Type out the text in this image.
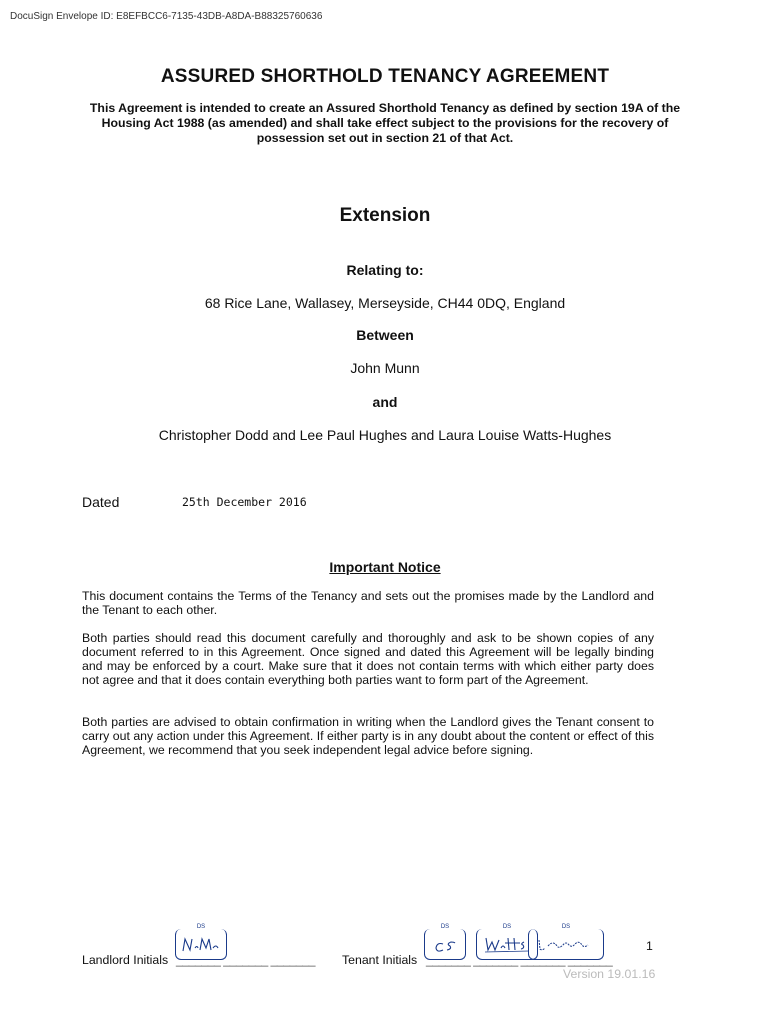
DocuSign Envelope ID: E8EFBCC6-7135-43DB-A8DA-B88325760636
ASSURED SHORTHOLD TENANCY AGREEMENT
This Agreement is intended to create an Assured Shorthold Tenancy as defined by section 19A of the Housing Act 1988 (as amended) and shall take effect subject to the provisions for the recovery of possession set out in section 21 of that Act.
Extension
Relating to:
68 Rice Lane, Wallasey, Merseyside, CH44 0DQ, England
Between
John Munn
and
Christopher Dodd and Lee Paul Hughes and Laura Louise Watts-Hughes
Dated	25th December 2016
Important Notice
This document contains the Terms of the Tenancy and sets out the promises made by the Landlord and the Tenant to each other.
Both parties should read this document carefully and thoroughly and ask to be shown copies of any document referred to in this Agreement. Once signed and dated this Agreement will be legally binding and may be enforced by a court. Make sure that it does not contain terms with which either party does not agree and that it does contain everything both parties want to form part of the Agreement.
Both parties are advised to obtain confirmation in writing when the Landlord gives the Tenant consent to carry out any action under this Agreement. If either party is in any doubt about the content or effect of this Agreement, we recommend that you seek independent legal advice before signing.
DS	DS	DS	DS
Landlord Initials _______ _______ _______ Tenant Initials _______ _______ _______ _______
1
Version 19.01.16
